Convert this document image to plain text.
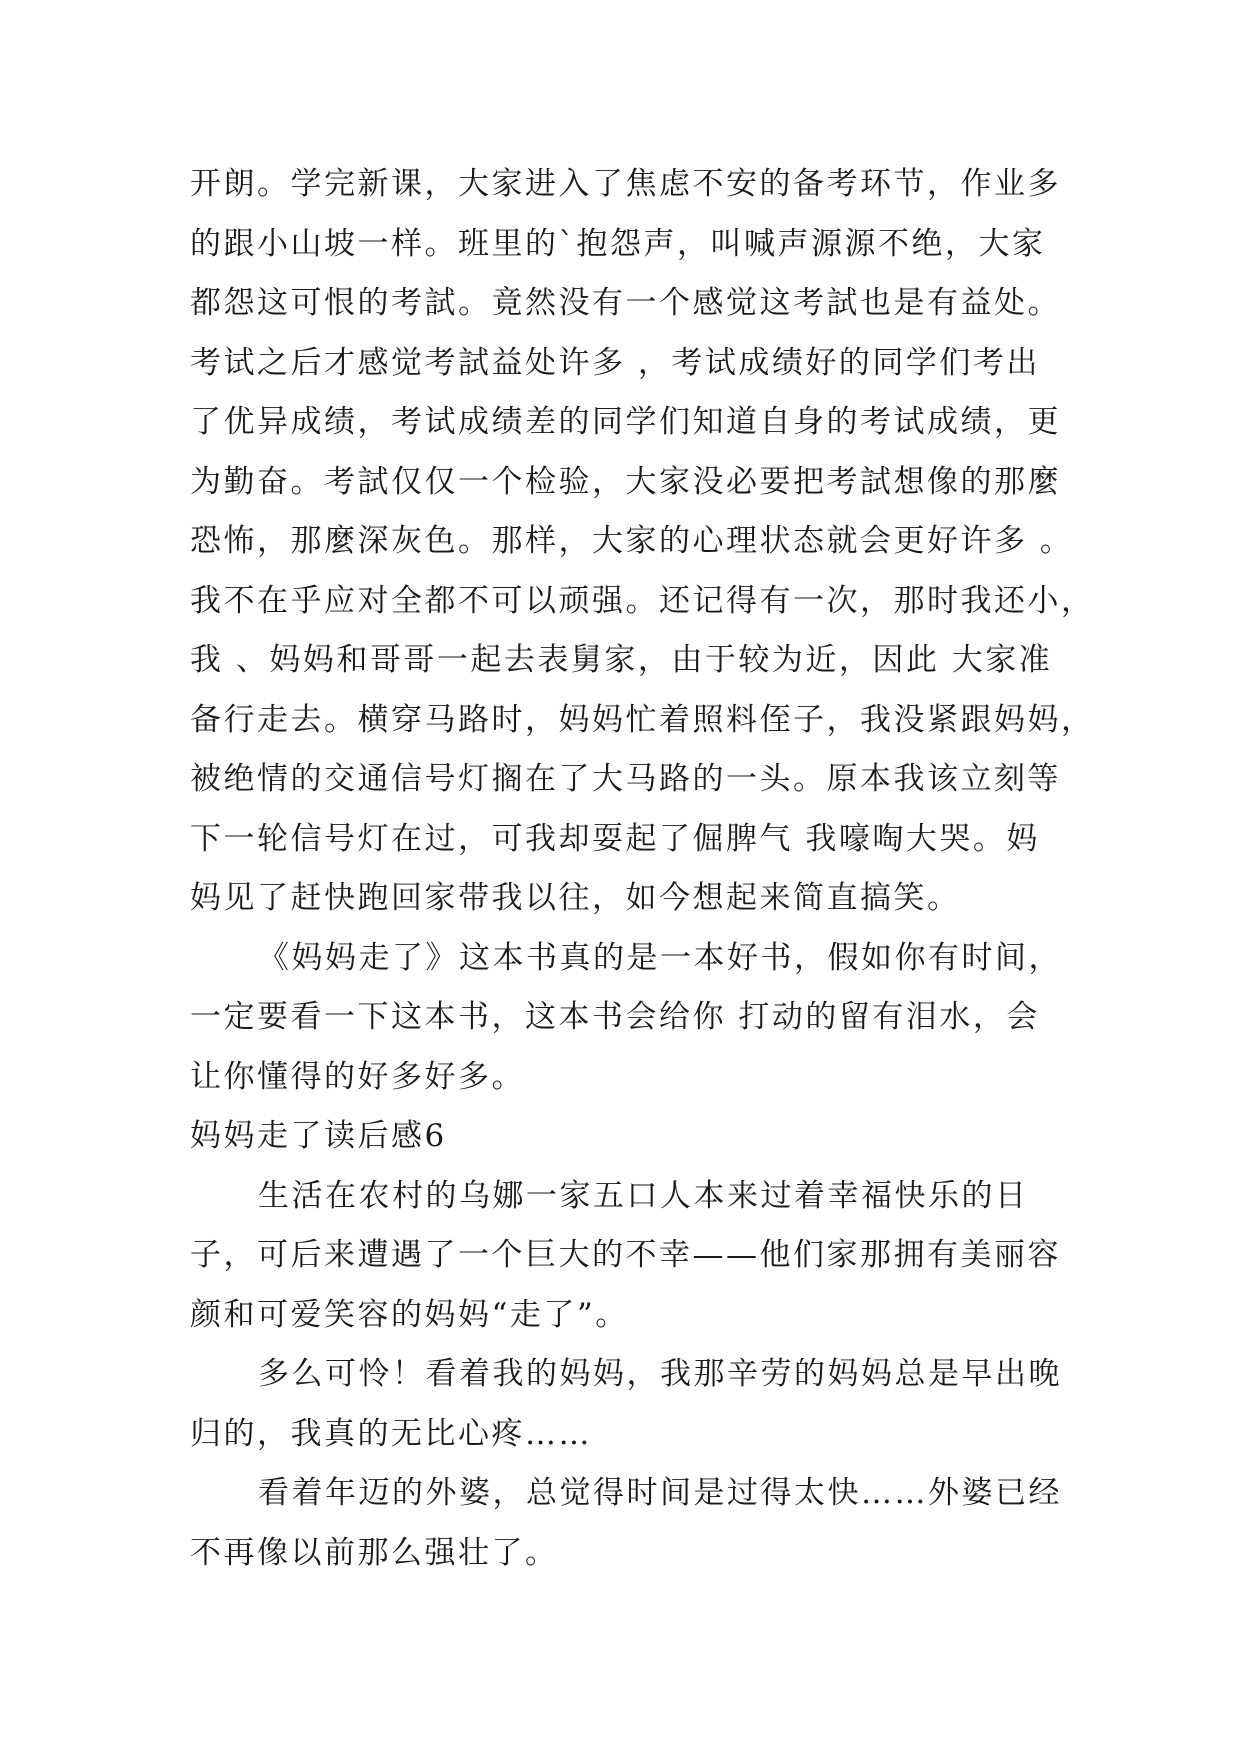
开朗。学完新课，大家进入了焦虑不安的备考环节，作业多
的跟小山坡一样。班里的`抱怨声，叫喊声源源不绝，大家
都怨这可恨的考試。竟然没有一个感觉这考試也是有益处。
考试之后才感觉考試益处许多 ，考试成绩好的同学们考出
了优异成绩，考试成绩差的同学们知道自身的考试成绩，更
为勤奋。考試仅仅一个检验，大家没必要把考試想像的那麼
恐怖，那麼深灰色。那样，大家的心理状态就会更好许多 。
我不在乎应对全都不可以顽强。还记得有一次，那时我还小，
我 、妈妈和哥哥一起去表舅家，由于较为近，因此 大家准
备行走去。横穿马路时，妈妈忙着照料侄子，我没紧跟妈妈，
被绝情的交通信号灯搁在了大马路的一头。原本我该立刻等
下一轮信号灯在过，可我却耍起了倔脾气 我嚎啕大哭。妈
妈见了赶快跑回家带我以往，如今想起来简直搞笑。
《妈妈走了》这本书真的是一本好书，假如你有时间，
一定要看一下这本书，这本书会给你 打动的留有泪水，会
让你懂得的好多好多。
妈妈走了读后感6
生活在农村的乌娜一家五口人本来过着幸福快乐的日
子，可后来遭遇了一个巨大的不幸——他们家那拥有美丽容
颜和可爱笑容的妈妈“走了”。
多么可怜！看着我的妈妈，我那辛劳的妈妈总是早出晚
归的，我真的无比心疼……
看着年迈的外婆，总觉得时间是过得太快……外婆已经
不再像以前那么强壮了。
